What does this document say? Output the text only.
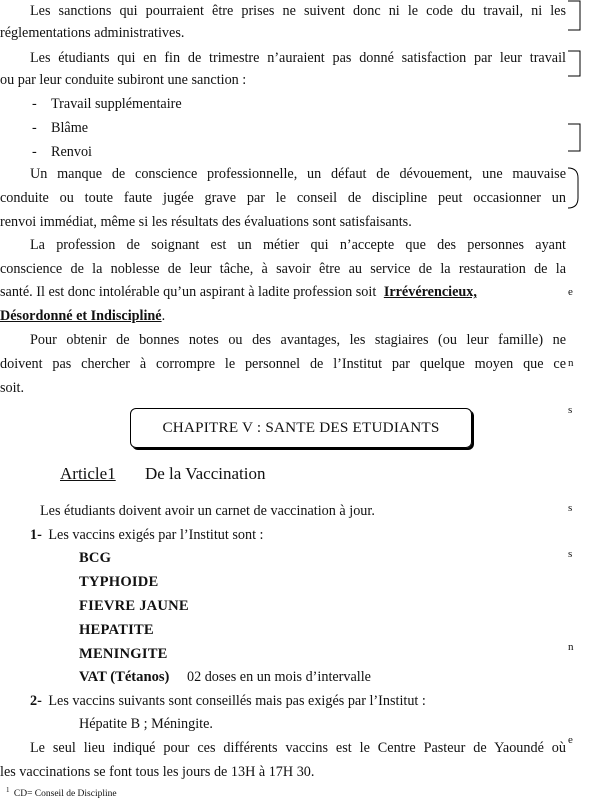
Les sanctions qui pourraient être prises ne suivent donc ni le code du travail, ni les
réglementations administratives.
Les étudiants qui en fin de trimestre n’auraient pas donné satisfaction par leur travail
ou par leur conduite subiront une sanction :
- Travail supplémentaire
- Blâme
- Renvoi
Un manque de conscience professionnelle, un défaut de dévouement, une mauvaise
conduite ou toute faute jugée grave par le conseil de discipline peut occasionner un
renvoi immédiat, même si les résultats des évaluations sont satisfaisants.
La profession de soignant est un métier qui n’accepte que des personnes ayant
conscience de la noblesse de leur tâche, à savoir être au service de la restauration de la
santé. Il est donc intolérable qu’un aspirant à ladite profession soit Irrévérencieux,
Désordonné et Indiscipliné.
Pour obtenir de bonnes notes ou des avantages, les stagiaires (ou leur famille) ne
doivent pas chercher à corrompre le personnel de l’Institut par quelque moyen que ce
soit.
CHAPITRE V : SANTE DES ETUDIANTS
Article1 De la Vaccination
Les étudiants doivent avoir un carnet de vaccination à jour.
1- Les vaccins exigés par l’Institut sont :
BCG
TYPHOIDE
FIEVRE JAUNE
HEPATITE
MENINGITE
VAT (Tétanos) 02 doses en un mois d’intervalle
2- Les vaccins suivants sont conseillés mais pas exigés par l’Institut :
Hépatite B ; Méningite.
Le seul lieu indiqué pour ces différents vaccins est le Centre Pasteur de Yaoundé où
les vaccinations se font tous les jours de 13H à 17H 30.
$^1$ CD= Conseil de Discipline
e
n
s
s
s
n
e
